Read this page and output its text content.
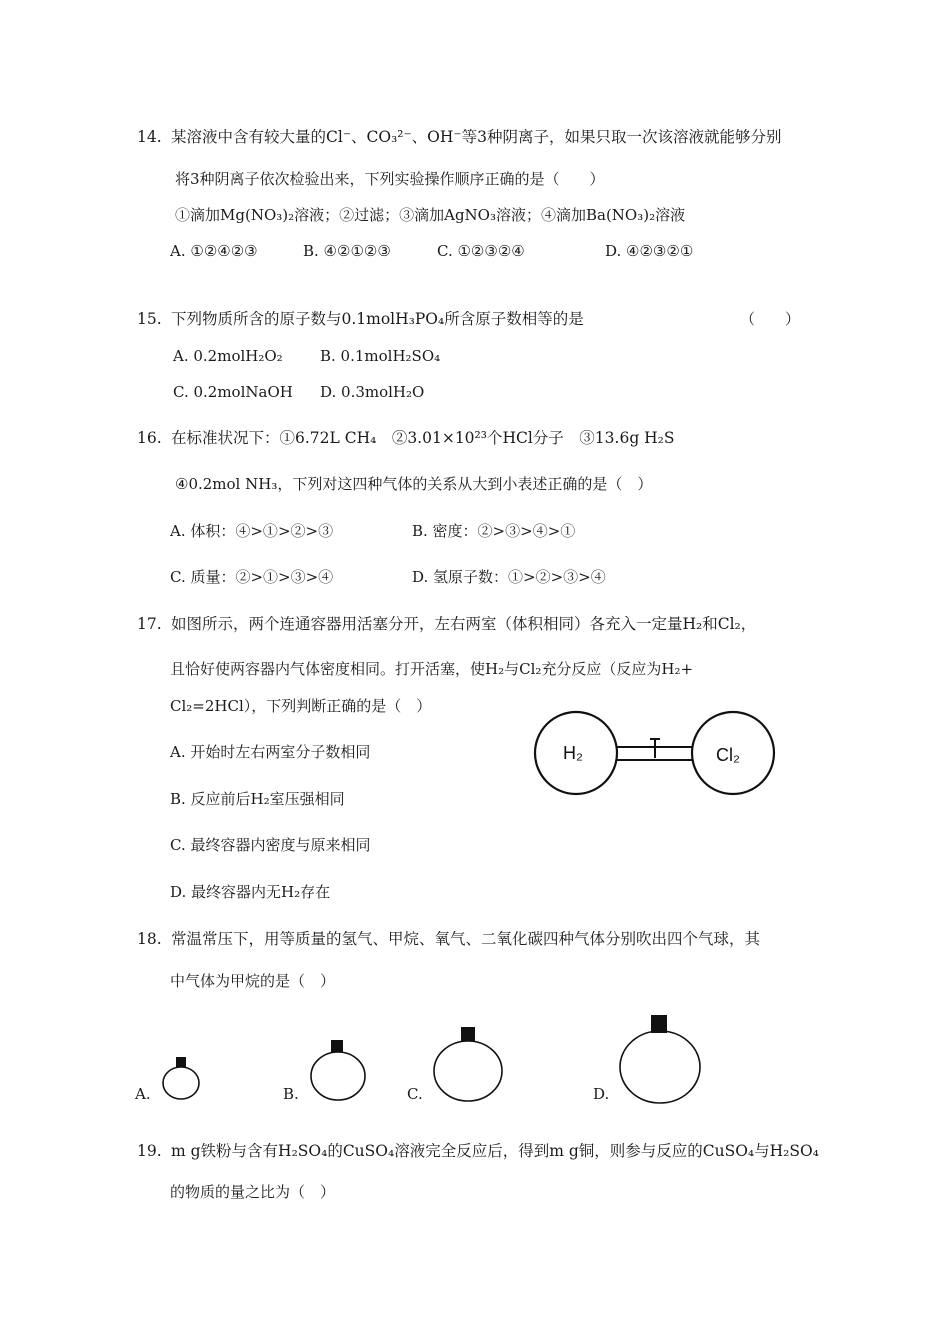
14. 某溶液中含有较大量的Cl⁻、CO₃²⁻、OH⁻等3种阴离子，如果只取一次该溶液就能够分别
将3种阴离子依次检验出来，下列实验操作顺序正确的是（　　）
①滴加Mg(NO₃)₂溶液；②过滤；③滴加AgNO₃溶液；④滴加Ba(NO₃)₂溶液
A. ①②④②③	B. ④②①②③	C. ①②③②④	D. ④②③②①
15. 下列物质所含的原子数与0.1molH₃PO₄所含原子数相等的是	（　　）
A. 0.2molH₂O₂ B. 0.1molH₂SO₄
C. 0.2molNaOH D. 0.3molH₂O
16. 在标准状况下：①6.72L CH₄　②3.01×10²³个HCl分子　③13.6g H₂S
④0.2mol NH₃，下列对这四种气体的关系从大到小表述正确的是（　）
A. 体积：④>①>②>③	B. 密度：②>③>④>①
C. 质量：②>①>③>④	D. 氢原子数：①>②>③>④
17. 如图所示，两个连通容器用活塞分开，左右两室（体积相同）各充入一定量H₂和Cl₂，
且恰好使两容器内气体密度相同。打开活塞，使H₂与Cl₂充分反应（反应为H₂+
Cl₂=2HCl），下列判断正确的是（　）
A. 开始时左右两室分子数相同
B. 反应前后H₂室压强相同
C. 最终容器内密度与原来相同
D. 最终容器内无H₂存在
H₂	Cl₂
18. 常温常压下，用等质量的氢气、甲烷、氧气、二氧化碳四种气体分别吹出四个气球，其
中气体为甲烷的是（　）
A.	B.	C.	D.
19. m g铁粉与含有H₂SO₄的CuSO₄溶液完全反应后，得到m g铜，则参与反应的CuSO₄与H₂SO₄
的物质的量之比为（　）
